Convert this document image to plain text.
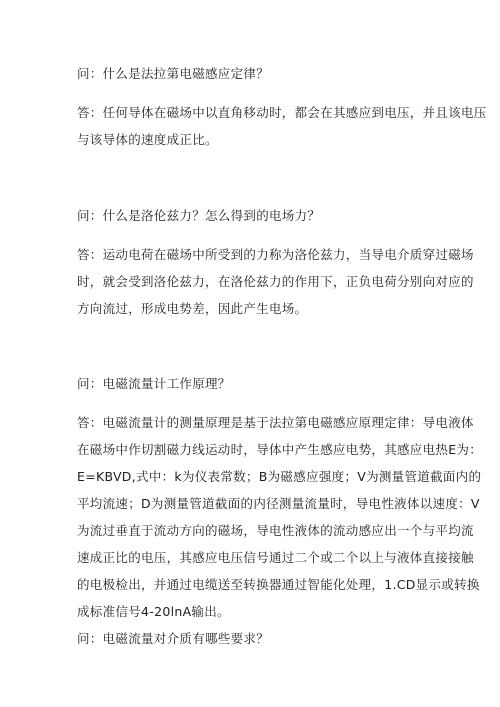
问：什么是法拉第电磁感应定律？
答：任何导体在磁场中以直角移动时，都会在其感应到电压，并且该电压
与该导体的速度成正比。
问：什么是洛伦兹力？怎么得到的电场力？
答：运动电荷在磁场中所受到的力称为洛伦兹力，当导电介质穿过磁场
时，就会受到洛伦兹力，在洛伦兹力的作用下，正负电荷分别向对应的
方向流过，形成电势差，因此产生电场。
问：电磁流量计工作原理？
答：电磁流量计的测量原理是基于法拉第电磁感应原理定律：导电液体
在磁场中作切割磁力线运动时，导体中产生感应电势，其感应电热E为：
E=KBVD,式中：k为仪表常数；B为磁感应强度；V为测量管道截面内的
平均流速；D为测量管道截面的内径测量流量时，导电性液体以速度：V
为流过垂直于流动方向的磁场，导电性液体的流动感应出一个与平均流
速成正比的电压，其感应电压信号通过二个或二个以上与液体直接接触
的电极检出，并通过电缆送至转换器通过智能化处理，1.CD显示或转换
成标准信号4-20lnA输出。
问：电磁流量对介质有哪些要求？
